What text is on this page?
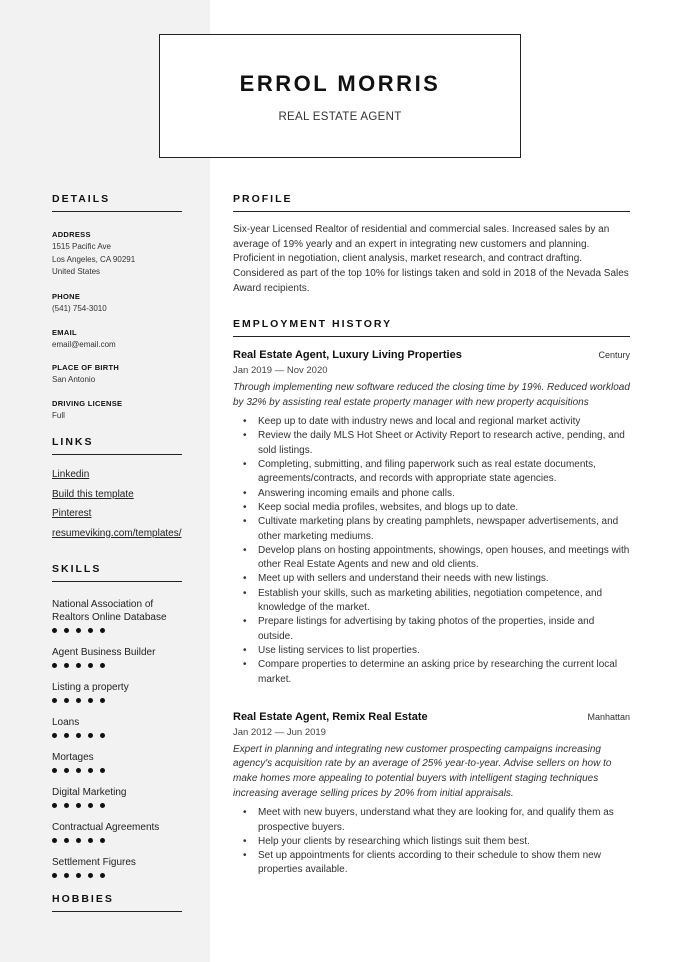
ERROL MORRIS
REAL ESTATE AGENT
DETAILS
ADDRESS
1515 Pacific Ave
Los Angeles, CA 90291
United States
PHONE
(541) 754-3010
EMAIL
email@email.com
PLACE OF BIRTH
San Antonio
DRIVING LICENSE
Full
LINKS
Linkedin
Build this template
Pinterest
resumeviking.com/templates/
SKILLS
National Association of Realtors Online Database
Agent Business Builder
Listing a property
Loans
Mortages
Digital Marketing
Contractual Agreements
Settlement Figures
HOBBIES
PROFILE
Six-year Licensed Realtor of residential and commercial sales. Increased sales by an average of 19% yearly and an expert in integrating new customers and planning. Proficient in negotiation, client analysis, market research, and contract drafting. Considered as part of the top 10% for listings taken and sold in 2018 of the Nevada Sales Award recipients.
EMPLOYMENT HISTORY
Real Estate Agent, Luxury Living Properties	Century
Jan 2019 — Nov 2020
Through implementing new software reduced the closing time by 19%. Reduced workload by 32% by assisting real estate property manager with new property acquisitions
• Keep up to date with industry news and local and regional market activity
• Review the daily MLS Hot Sheet or Activity Report to research active, pending, and sold listings.
• Completing, submitting, and filing paperwork such as real estate documents, agreements/contracts, and records with appropriate state agencies.
• Answering incoming emails and phone calls.
• Keep social media profiles, websites, and blogs up to date.
• Cultivate marketing plans by creating pamphlets, newspaper advertisements, and other marketing mediums.
• Develop plans on hosting appointments, showings, open houses, and meetings with other Real Estate Agents and new and old clients.
• Meet up with sellers and understand their needs with new listings.
• Establish your skills, such as marketing abilities, negotiation competence, and knowledge of the market.
• Prepare listings for advertising by taking photos of the properties, inside and outside.
• Use listing services to list properties.
• Compare properties to determine an asking price by researching the current local market.
Real Estate Agent, Remix Real Estate	Manhattan
Jan 2012 — Jun 2019
Expert in planning and integrating new customer prospecting campaigns increasing agency's acquisition rate by an average of 25% year-to-year. Advise sellers on how to make homes more appealing to potential buyers with intelligent staging techniques increasing average selling prices by 20% from initial appraisals.
• Meet with new buyers, understand what they are looking for, and qualify them as prospective buyers.
• Help your clients by researching which listings suit them best.
• Set up appointments for clients according to their schedule to show them new properties available.
